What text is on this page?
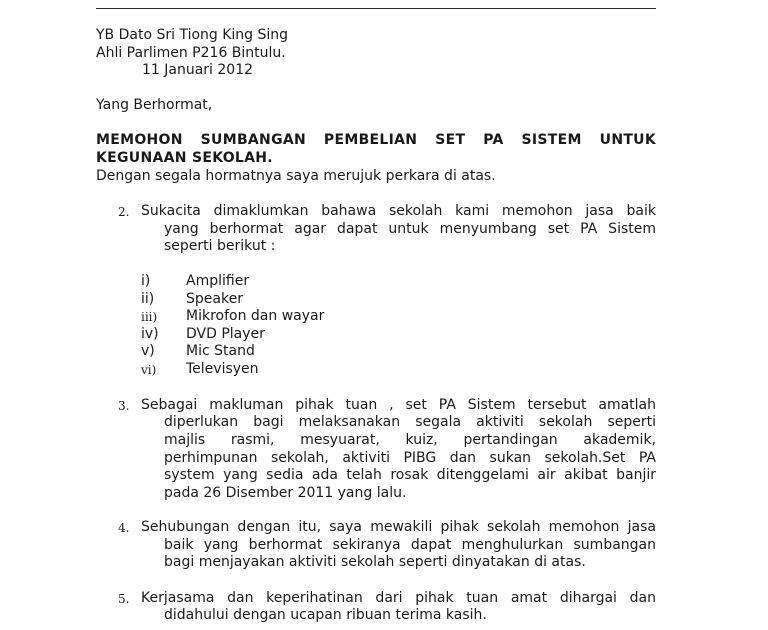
YB Dato Sri Tiong King Sing
Ahli Parlimen P216 Bintulu.
11 Januari 2012
Yang Berhormat,
MEMOHON SUMBANGAN PEMBELIAN SET PA SISTEM UNTUK
KEGUNAAN SEKOLAH.
Dengan segala hormatnya saya merujuk perkara di atas.
2. Sukacita dimaklumkan bahawa sekolah kami memohon jasa baik
yang berhormat agar dapat untuk menyumbang set PA Sistem
seperti berikut :
i)	Amplifier
ii) Speaker
iii) Mikrofon dan wayar
iv) DVD Player
v) Mic Stand
vi) Televisyen
3. Sebagai makluman pihak tuan , set PA Sistem tersebut amatlah
diperlukan bagi melaksanakan segala aktiviti sekolah seperti
majlis rasmi, mesyuarat, kuiz, pertandingan akademik,
perhimpunan sekolah, aktiviti PIBG dan sukan sekolah.Set PA
system yang sedia ada telah rosak ditenggelami air akibat banjir
pada 26 Disember 2011 yang lalu.
4. Sehubungan dengan itu, saya mewakili pihak sekolah memohon jasa
baik yang berhormat sekiranya dapat menghulurkan sumbangan
bagi menjayakan aktiviti sekolah seperti dinyatakan di atas.
5. Kerjasama dan keperihatinan dari pihak tuan amat dihargai dan
didahului dengan ucapan ribuan terima kasih.
